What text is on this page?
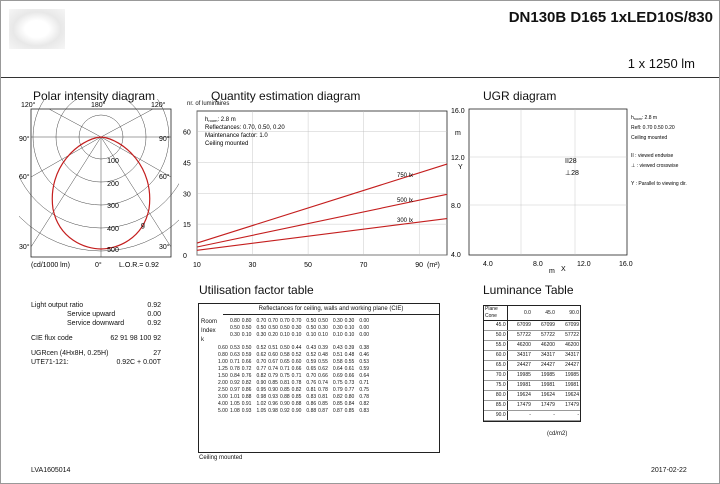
DN130B D165 1xLED10S/830
1 x 1250 lm
Polar intensity diagram
100
200
300
400
500
g
120°	180°	120°
90°
60°
30°
90°
60°
30°
(cd/1000 lm)	0° L.O.R.= 0.92
Quantity estimation diagram
nr. of luminaires
750 lx
500 lx
300 lx
10	30	50	70	90
0
15
30
45
60
hroom: 2.8 m
Reflectances: 0.70, 0.50, 0.20
Maintenance factor: 1.0
Ceiling mounted
(m²)
UGR diagram
16.0
12.0
8.0
4.0
4.0	8.0	12.0	16.0
m
Y
m X
II28
⊥28
$h_{room}$: 2.8 m
Refl: 0.70 0.50 0.20
Ceiling mounted
II : viewed endwise
⊥ : viewed crosswise
Y : Parallel to viewing dir.
Light output ratio	0.92
Service upward	0.00
Service downward	0.92
CIE flux code	62 91 98 100 92
UGRcen (4Hx8H, 0.25H)	27
UTE71-121:	0.92C + 0.00T
Utilisation factor table
Reflectances for ceiling, walls and working plane (CIE)
Room
Index
k
	0.80	0.80	0.70	0.70	0.70	0.70	0.50	0.50	0.30	0.30	0.00
	0.50	0.50	0.50	0.50	0.50	0.30	0.50	0.30	0.30	0.10	0.00
	0.30	0.10	0.30	0.20	0.10	0.10	0.10	0.10	0.10	0.10	0.00

0.60	0.53	0.50	0.52	0.51	0.50	0.44	0.43	0.39	0.43	0.39	0.38
0.80	0.63	0.59	0.62	0.60	0.58	0.52	0.52	0.48	0.51	0.48	0.46
1.00	0.71	0.66	0.70	0.67	0.65	0.60	0.59	0.55	0.58	0.55	0.53
1.25	0.78	0.72	0.77	0.74	0.71	0.66	0.65	0.62	0.64	0.61	0.59
1.50	0.84	0.76	0.82	0.79	0.75	0.71	0.70	0.66	0.69	0.66	0.64
2.00	0.92	0.82	0.90	0.85	0.81	0.78	0.76	0.74	0.75	0.73	0.71
2.50	0.97	0.86	0.95	0.90	0.85	0.82	0.81	0.78	0.79	0.77	0.75
3.00	1.01	0.88	0.98	0.93	0.88	0.85	0.83	0.81	0.82	0.80	0.78
4.00	1.05	0.91	1.02	0.96	0.90	0.88	0.86	0.85	0.85	0.84	0.82
5.00	1.08	0.93	1.05	0.98	0.92	0.90	0.88	0.87	0.87	0.85	0.83
Ceiling mounted
Luminance Table
Plane
Cone	0.0	45.0	90.0
45.0	67099	67099	67099
50.0	57722	57722	57722
55.0	46200	46200	46200
60.0	34317	34317	34317
65.0	24427	24427	24427
70.0	19985	19985	19985
75.0	19981	19981	19981
80.0	19624	19624	19624
85.0	17479	17479	17479
90.0	-	-	-
(cd/m2)
LVA1605014	2017-02-22
